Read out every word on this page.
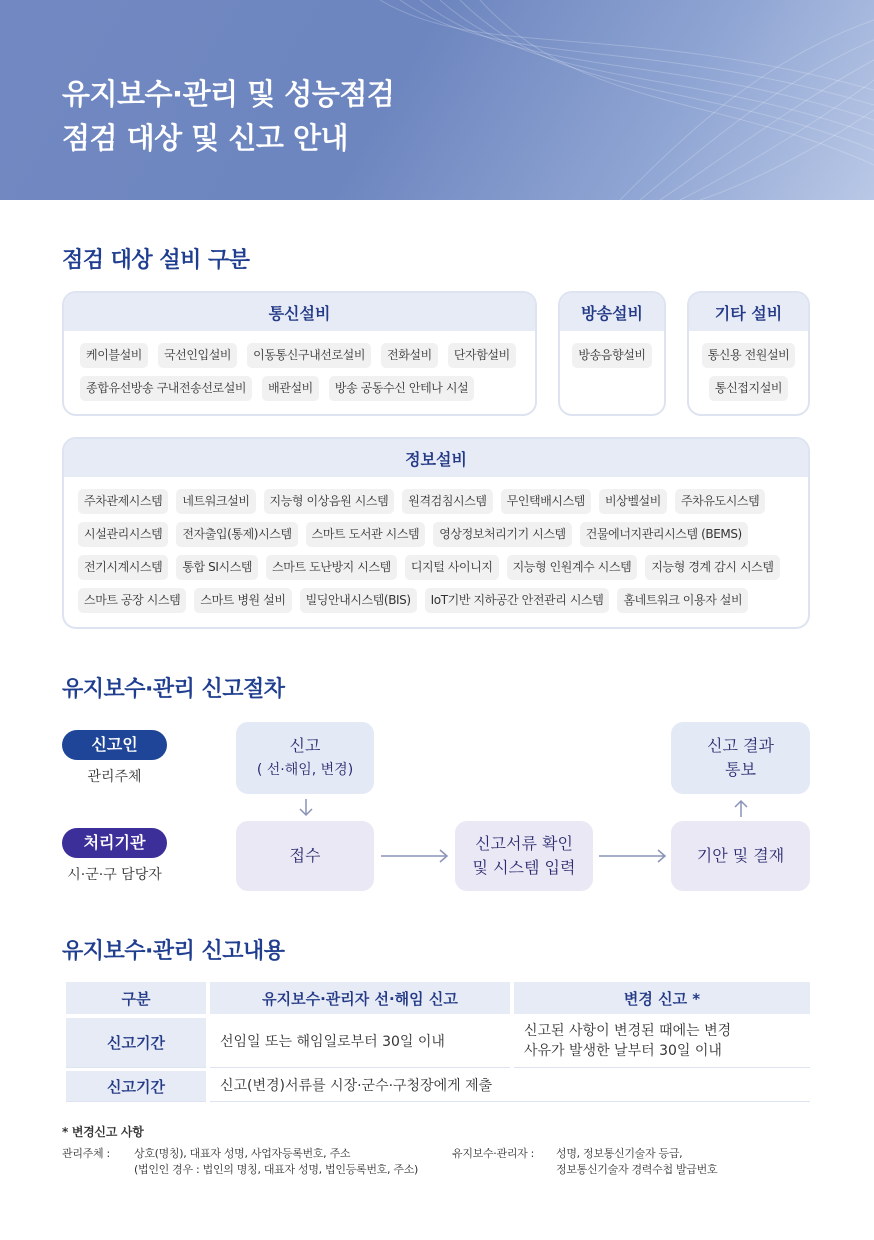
유지보수·관리 및 성능점검
점검 대상 및 신고 안내
점검 대상 설비 구분
통신설비
케이블설비	국선인입설비	이동통신구내선로설비	전화설비	단자함설비
종합유선방송 구내전송선로설비	배관설비	방송 공동수신 안테나 시설
방송설비
방송음향설비
기타 설비
통신용 전원설비
통신접지설비
정보설비
주차관제시스템	네트워크설비	지능형 이상음원 시스템	원격검침시스템	무인택배시스템	비상벨설비	주차유도시스템
시설관리시스템	전자출입(통제)시스템	스마트 도서관 시스템	영상정보처리기기 시스템	건물에너지관리시스템 (BEMS)
전기시계시스템	통합 SI시스템	스마트 도난방지 시스템	디지털 사이니지	지능형 인원계수 시스템	지능형 경계 감시 시스템
스마트 공장 시스템	스마트 병원 설비	빌딩안내시스템(BIS)	IoT기반 지하공간 안전관리 시스템	홈네트워크 이용자 설비
유지보수·관리 신고절차
신고인
관리주체
처리기관
시·군·구 담당자
신고
( 선·해임, 변경)
접수
신고서류 확인
및 시스템 입력
기안 및 결재
신고 결과
통보
유지보수·관리 신고내용
구분	유지보수·관리자 선·해임 신고	변경 신고 *
신고기간	선임일 또는 해임일로부터 30일 이내	신고된 사항이 변경된 때에는 변경
사유가 발생한 날부터 30일 이내

신고기간	신고(변경)서류를 시장·군수·구청장에게 제출	
* 변경신고 사항
관리주체 : 상호(명칭), 대표자 성명, 사업자등록번호, 주소
(법인인 경우 : 법인의 명칭, 대표자 성명, 법인등록번호, 주소)
유지보수·관리자 : 성명, 정보통신기술자 등급,
정보통신기술자 경력수첩 발급번호
